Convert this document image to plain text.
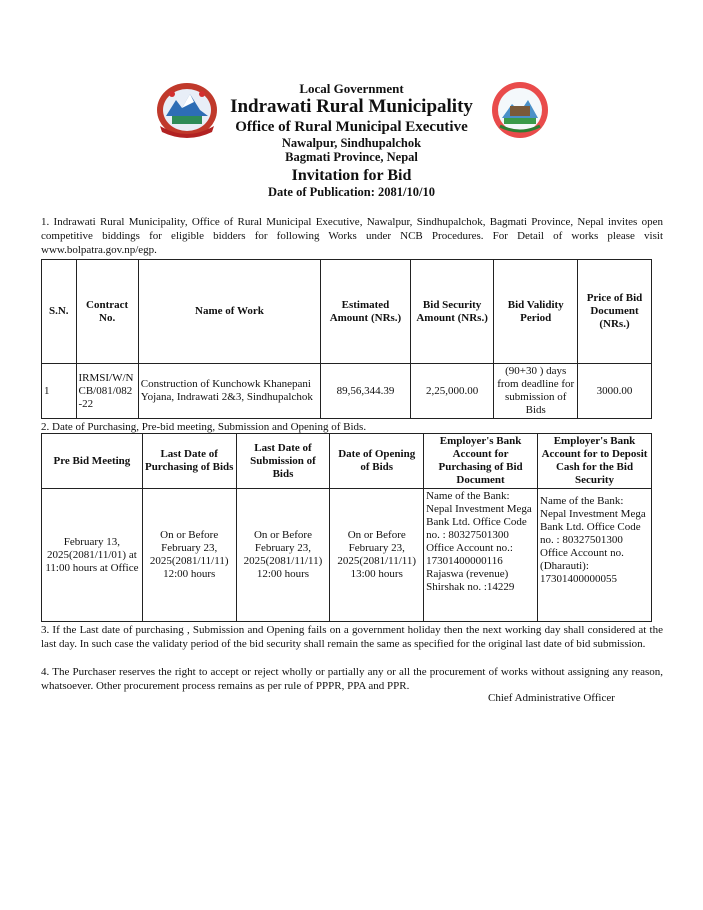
Local Government
Indrawati Rural Municipality
Office of Rural Municipal Executive
Nawalpur, Sindhupalchok
Bagmati Province, Nepal
Invitation for Bid
Date of Publication: 2081/10/10
1. Indrawati Rural Municipality, Office of Rural Municipal Executive, Nawalpur, Sindhupalchok, Bagmati Province, Nepal invites open competitive biddings for eligible bidders for following Works under NCB Procedures. For Detail of works please visit www.bolpatra.gov.np/egp.
S.N.	Contract No.	Name of Work	Estimated Amount (NRs.)	Bid Security Amount (NRs.)	Bid Validity Period	Price of Bid Document (NRs.)
1	IRMSI/W/NCB/081/082-22	Construction of Kunchowk Khanepani Yojana, Indrawati 2&3, Sindhupalchok	89,56,344.39	2,25,000.00	(90+30 ) days from deadline for submission of Bids	3000.00
2. Date of Purchasing, Pre-bid meeting, Submission and Opening of Bids.
Pre Bid Meeting	Last Date of Purchasing of Bids	Last Date of Submission of Bids	Date of Opening of Bids	Employer's Bank Account for Purchasing of Bid Document	Employer's Bank Account for to Deposit Cash for the Bid Security
February 13, 2025(2081/11/01) at 11:00 hours at Office	On or Before February 23, 2025(2081/11/11) 12:00 hours	On or Before February 23, 2025(2081/11/11) 12:00 hours	On or Before February 23, 2025(2081/11/11) 13:00 hours	Name of the Bank: Nepal Investment Mega Bank Ltd. Office Code no. : 80327501300 Office Account no.: 17301400000116 Rajaswa (revenue) Shirshak no. :14229	Name of the Bank: Nepal Investment Mega Bank Ltd. Office Code no. : 80327501300 Office Account no.(Dharauti): 17301400000055
3. If the Last date of purchasing , Submission and Opening fails on a government holiday then the next working day shall considered at the last day. In such case the validaty period of the bid security shall remain the same as specified for the original last date of bid submission.
4. The Purchaser reserves the right to accept or reject wholly or partially any or all the procurement of works without assigning any reason, whatsoever. Other procurement process remains as per rule of PPPR, PPA and PPR.
Chief Administrative Officer
